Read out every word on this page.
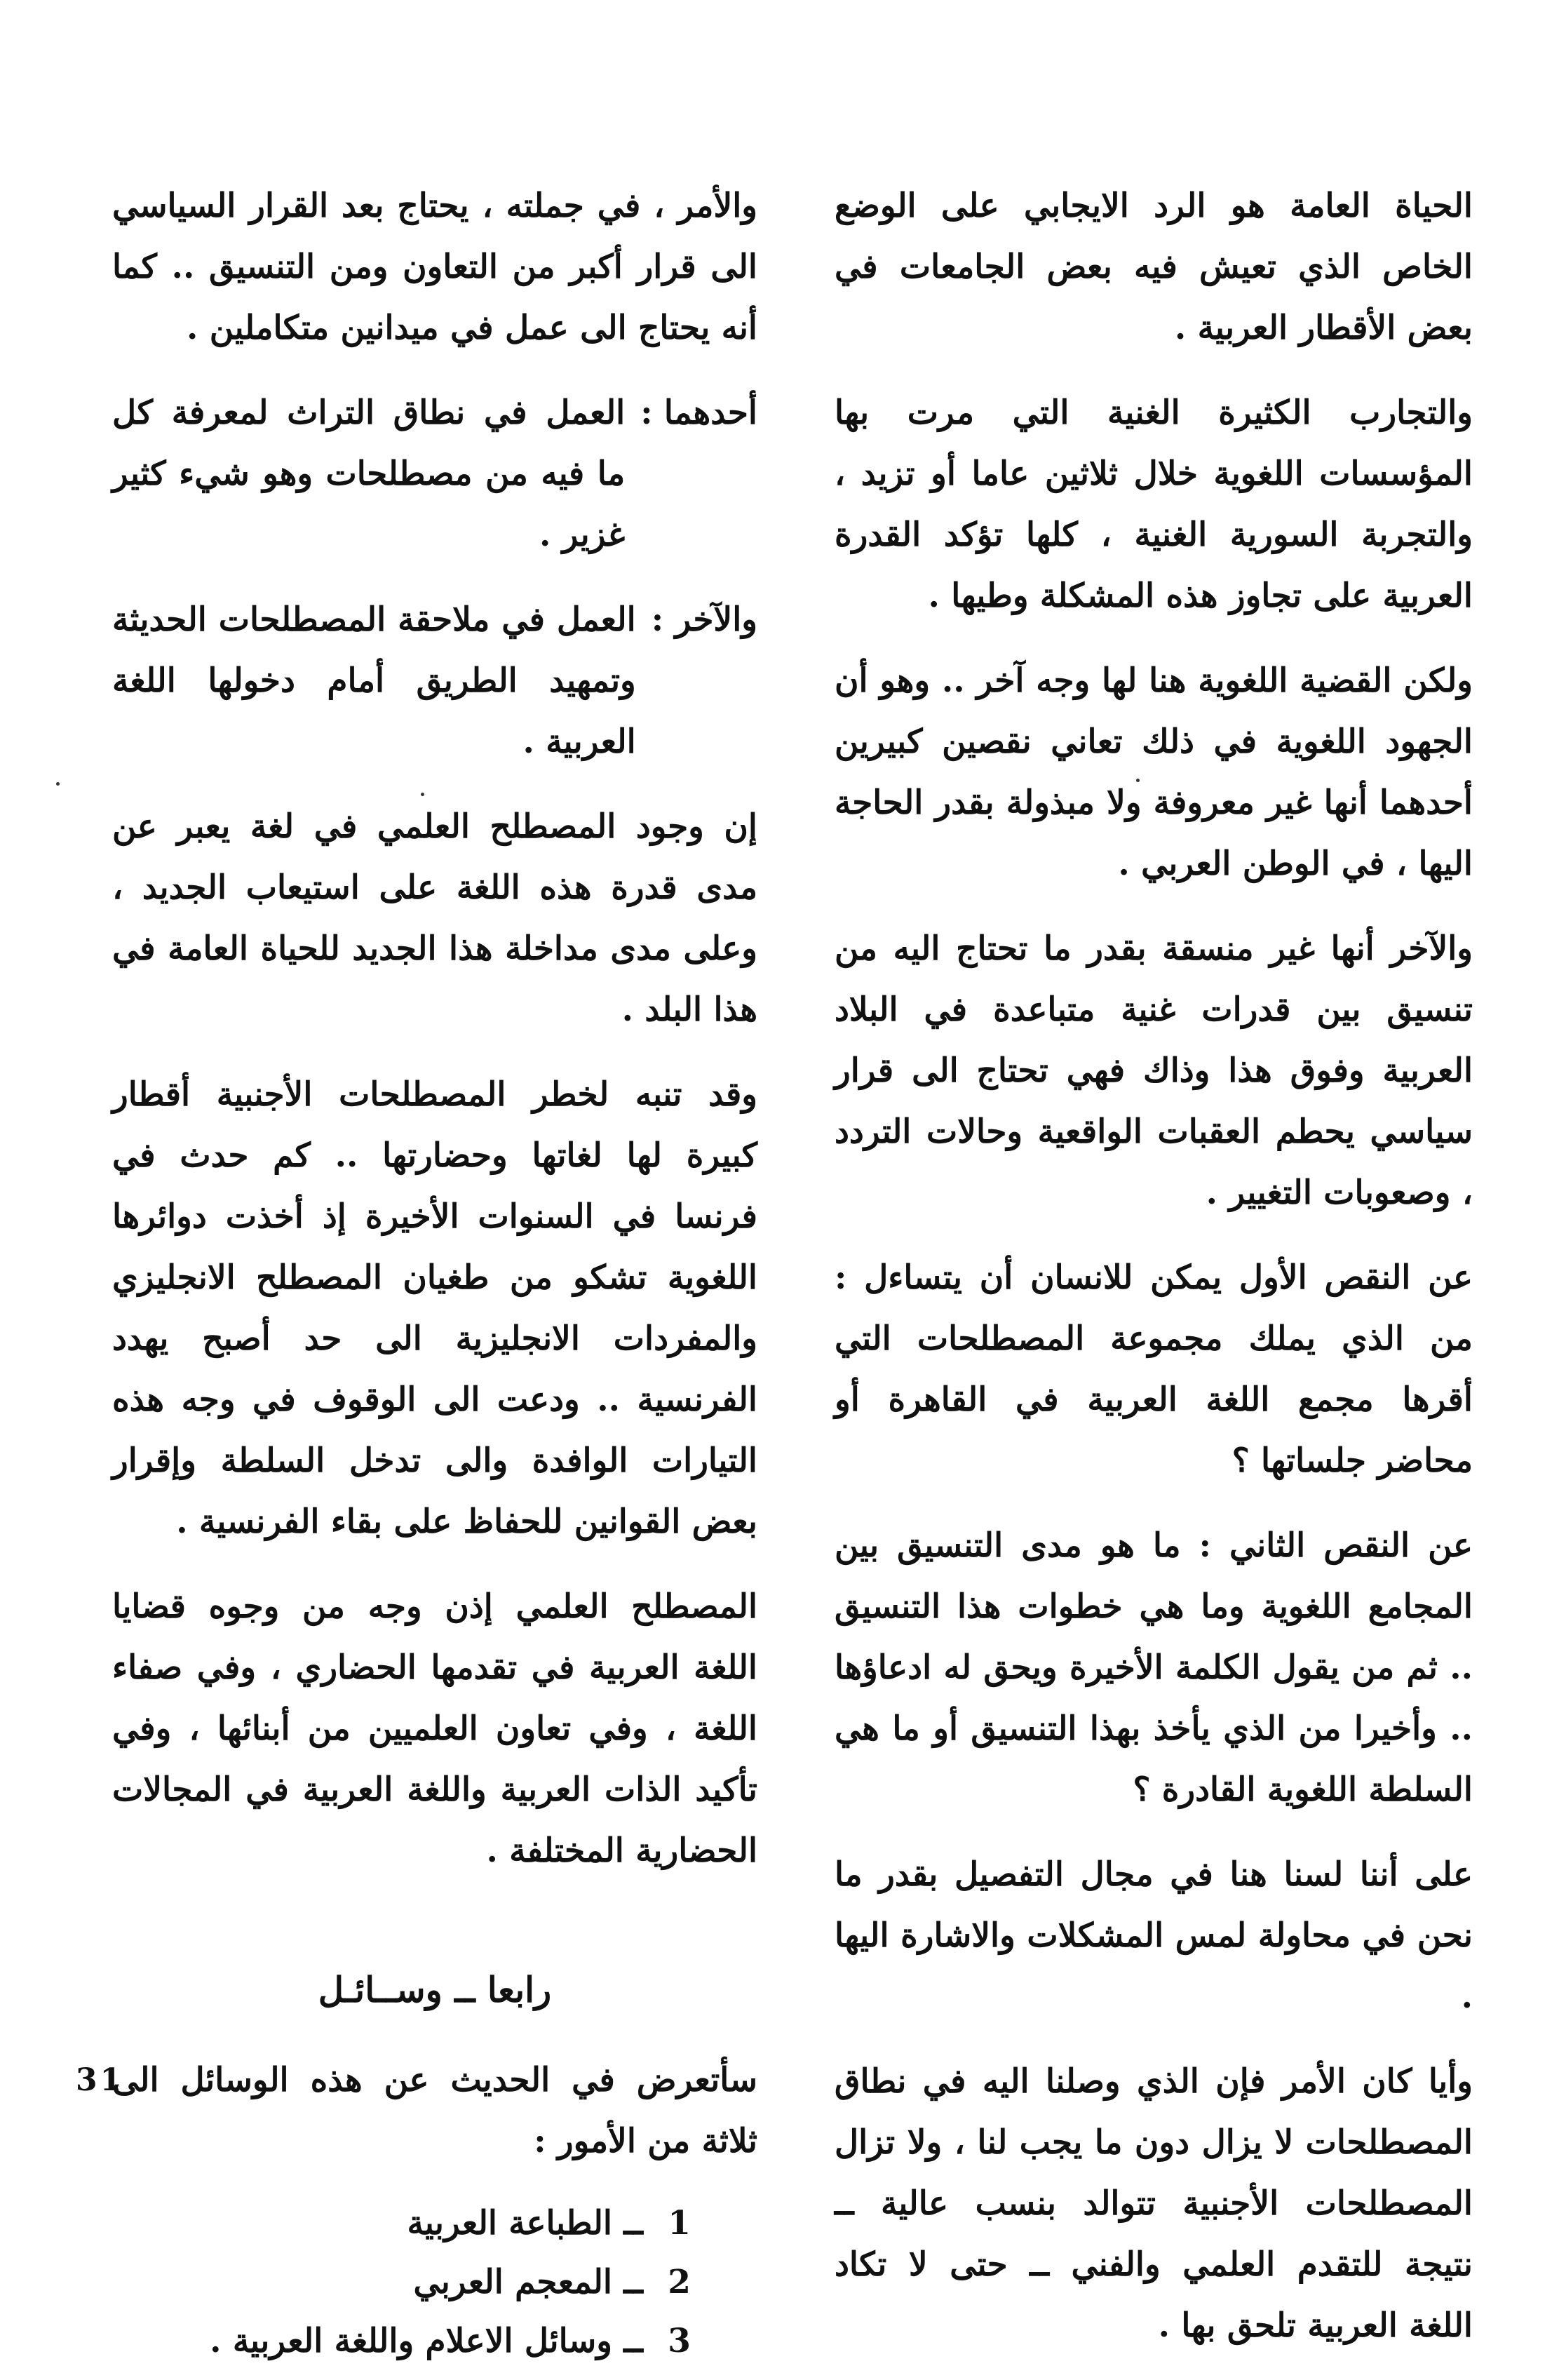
الحياة العامة هو الرد الايجابي على الوضع الخاص الذي تعيش فيه بعض الجامعات في بعض الأقطار العربية .

والتجارب الكثيرة الغنية التي مرت بها المؤسسات اللغوية خلال ثلاثين عاما أو تزيد ، والتجربة السورية الغنية ، كلها تؤكد القدرة العربية على تجاوز هذه المشكلة وطيها .

ولكن القضية اللغوية هنا لها وجه آخر .. وهو أن الجهود اللغوية في ذلك تعاني نقصين كبيرين أحدهما أنها غير معروفة ولا مبذولة بقدر الحاجة اليها ، في الوطن العربي .

والآخر أنها غير منسقة بقدر ما تحتاج اليه من تنسيق بين قدرات غنية متباعدة في البلاد العربية وفوق هذا وذاك فهي تحتاج الى قرار سياسي يحطم العقبات الواقعية وحالات التردد ، وصعوبات التغيير .

عن النقص الأول يمكن للانسان أن يتساءل : من الذي يملك مجموعة المصطلحات التي أقرها مجمع اللغة العربية في القاهرة أو محاضر جلساتها ؟

عن النقص الثاني : ما هو مدى التنسيق بين المجامع اللغوية وما هي خطوات هذا التنسيق .. ثم من يقول الكلمة الأخيرة ويحق له ادعاؤها .. وأخيرا من الذي يأخذ بهذا التنسيق أو ما هي السلطة اللغوية القادرة ؟

على أننا لسنا هنا في مجال التفصيل بقدر ما نحن في محاولة لمس المشكلات والاشارة اليها .

وأيا كان الأمر فإن الذي وصلنا اليه في نطاق المصطلحات لا يزال دون ما يجب لنا ، ولا تزال المصطلحات الأجنبية تتوالد بنسب عالية ــ نتيجة للتقدم العلمي والفني ــ حتى لا تكاد اللغة العربية تلحق بها .

والأمر ، في جملته ، يحتاج بعد القرار السياسي الى قرار أكبر من التعاون ومن التنسيق .. كما أنه يحتاج الى عمل في ميدانين متكاملين .

أحدهما :
العمل في نطاق التراث لمعرفة كل ما فيه من مصطلحات وهو شيء كثير غزير .
والآخر :
العمل في ملاحقة المصطلحات الحديثة وتمهيد الطريق أمام دخولها اللغة العربية .

إن وجود المصطلح العلمي في لغة يعبر عن مدى قدرة هذه اللغة على استيعاب الجديد ، وعلى مدى مداخلة هذا الجديد للحياة العامة في هذا البلد .

وقد تنبه لخطر المصطلحات الأجنبية أقطار كبيرة لها لغاتها وحضارتها .. كم حدث في فرنسا في السنوات الأخيرة إذ أخذت دوائرها اللغوية تشكو من طغيان المصطلح الانجليزي والمفردات الانجليزية الى حد أصبح يهدد الفرنسية .. ودعت الى الوقوف في وجه هذه التيارات الوافدة والى تدخل السلطة وإقرار بعض القوانين للحفاظ على بقاء الفرنسية .

المصطلح العلمي إذن وجه من وجوه قضايا اللغة العربية في تقدمها الحضاري ، وفي صفاء اللغة ، وفي تعاون العلميين من أبنائها ، وفي تأكيد الذات العربية واللغة العربية في المجالات الحضارية المختلفة .

رابعا ــ وســائـل

سأتعرض في الحديث عن هذه الوسائل الى ثلاثة من الأمور :

1
ــ
الطباعة العربية
2
ــ
المعجم العربي
3
ــ
وسائل الاعلام واللغة العربية .
31
